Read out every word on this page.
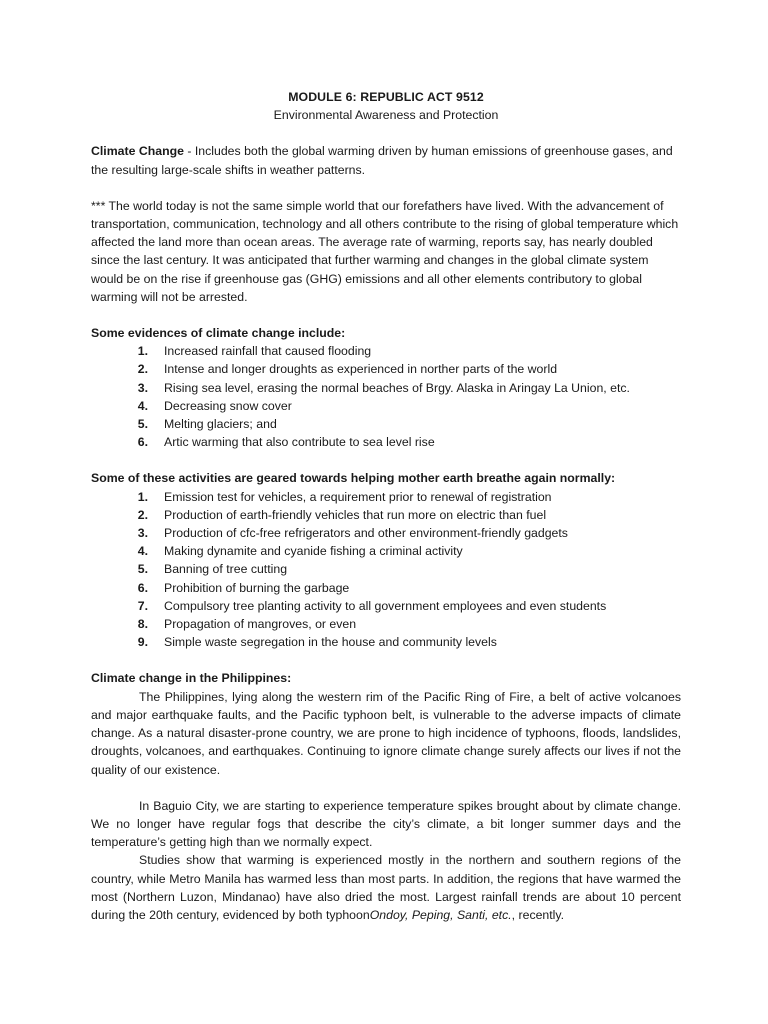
MODULE 6: REPUBLIC ACT 9512
Environmental Awareness and Protection

Climate Change - Includes both the global warming driven by human emissions of greenhouse gases, and the resulting large-scale shifts in weather patterns.

*** The world today is not the same simple world that our forefathers have lived. With the advancement of transportation, communication, technology and all others contribute to the rising of global temperature which affected the land more than ocean areas. The average rate of warming, reports say, has nearly doubled since the last century. It was anticipated that further warming and changes in the global climate system would be on the rise if greenhouse gas (GHG) emissions and all other elements contributory to global warming will not be arrested.

Some evidences of climate change include:
1.	Increased rainfall that caused flooding
2.	Intense and longer droughts as experienced in norther parts of the world
3.	Rising sea level, erasing the normal beaches of Brgy. Alaska in Aringay La Union, etc.
4.	Decreasing snow cover
5.	Melting glaciers; and
6.	Artic warming that also contribute to sea level rise
Some of these activities are geared towards helping mother earth breathe again normally:
1.	Emission test for vehicles, a requirement prior to renewal of registration
2.	Production of earth-friendly vehicles that run more on electric than fuel
3.	Production of cfc-free refrigerators and other environment-friendly gadgets
4.	Making dynamite and cyanide fishing a criminal activity
5.	Banning of tree cutting
6.	Prohibition of burning the garbage
7.	Compulsory tree planting activity to all government employees and even students
8.	Propagation of mangroves, or even
9.	Simple waste segregation in the house and community levels
Climate change in the Philippines:

The Philippines, lying along the western rim of the Pacific Ring of Fire, a belt of active volcanoes and major earthquake faults, and the Pacific typhoon belt, is vulnerable to the adverse impacts of climate change. As a natural disaster-prone country, we are prone to high incidence of typhoons, floods, landslides, droughts, volcanoes, and earthquakes. Continuing to ignore climate change surely affects our lives if not the quality of our existence.

In Baguio City, we are starting to experience temperature spikes brought about by climate change. We no longer have regular fogs that describe the city’s climate, a bit longer summer days and the temperature’s getting high than we normally expect.

Studies show that warming is experienced mostly in the northern and southern regions of the country, while Metro Manila has warmed less than most parts. In addition, the regions that have warmed the most (Northern Luzon, Mindanao) have also dried the most. Largest rainfall trends are about 10 percent during the 20th century, evidenced by both typhoonOndoy, Peping, Santi, etc., recently.
